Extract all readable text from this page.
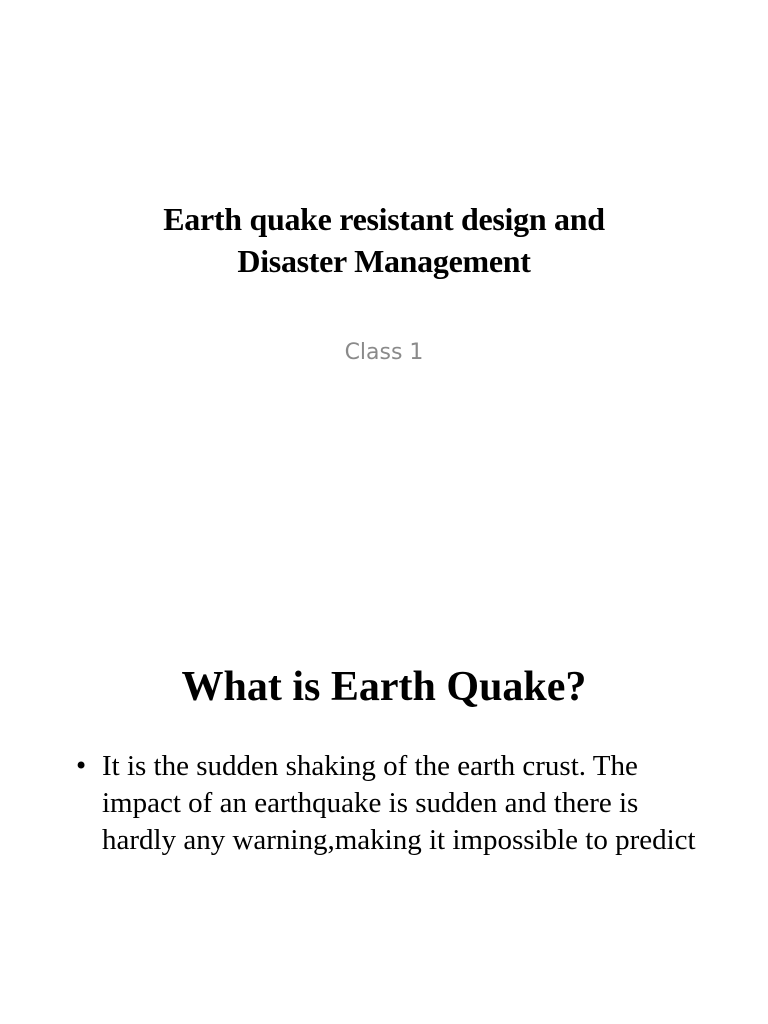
Earth quake resistant design and
Disaster Management
Class 1
What is Earth Quake?
• It is the sudden shaking of the earth crust. The impact of an earthquake is sudden and there is hardly any warning,making it impossible to predict
